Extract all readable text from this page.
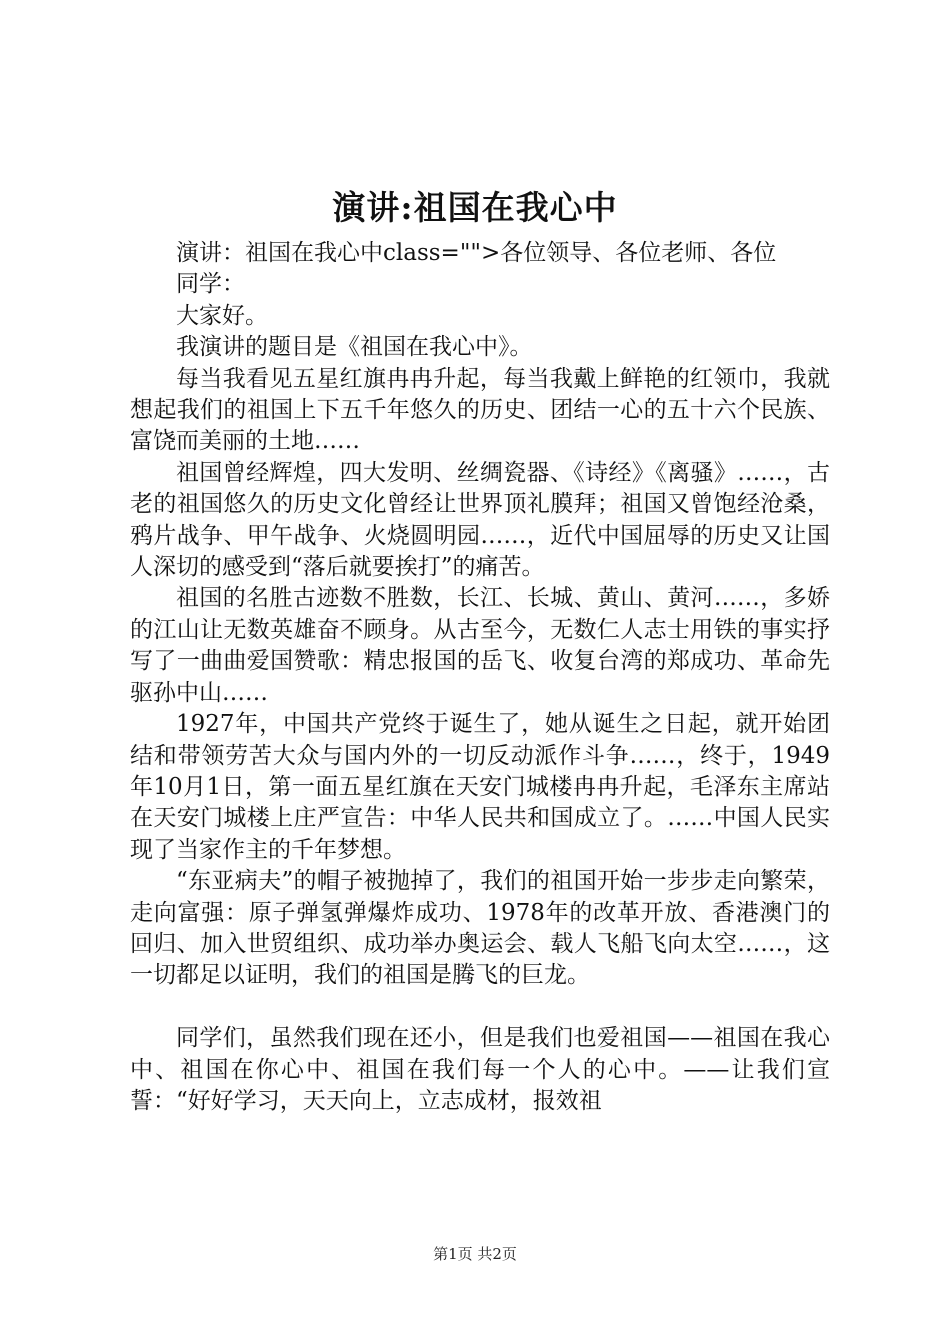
演讲:祖国在我心中

演讲：祖国在我心中class="">各位领导、各位老师、各位

同学：

大家好。

我演讲的题目是《祖国在我心中》。

每当我看见五星红旗冉冉升起，每当我戴上鲜艳的红领巾，我就想起我们的祖国上下五千年悠久的历史、团结一心的五十六个民族、富饶而美丽的土地……

祖国曾经辉煌，四大发明、丝绸瓷器、《诗经》《离骚》……，古老的祖国悠久的历史文化曾经让世界顶礼膜拜；祖国又曾饱经沧桑，鸦片战争、甲午战争、火烧圆明园……，近代中国屈辱的历史又让国人深切的感受到“落后就要挨打”的痛苦。

祖国的名胜古迹数不胜数，长江、长城、黄山、黄河……，多娇的江山让无数英雄奋不顾身。从古至今，无数仁人志士用铁的事实抒写了一曲曲爱国赞歌：精忠报国的岳飞、收复台湾的郑成功、革命先驱孙中山……

1927年，中国共产党终于诞生了，她从诞生之日起，就开始团结和带领劳苦大众与国内外的一切反动派作斗争……，终于，1949年10月1日，第一面五星红旗在天安门城楼冉冉升起，毛泽东主席站在天安门城楼上庄严宣告：中华人民共和国成立了。……中国人民实现了当家作主的千年梦想。

“东亚病夫”的帽子被抛掉了，我们的祖国开始一步步走向繁荣，走向富强：原子弹氢弹爆炸成功、1978年的改革开放、香港澳门的回归、加入世贸组织、成功举办奥运会、载人飞船飞向太空……，这一切都足以证明，我们的祖国是腾飞的巨龙。

同学们，虽然我们现在还小，但是我们也爱祖国——祖国在我心中、祖国在你心中、祖国在我们每一个人的心中。——让我们宣誓：“好好学习，天天向上，立志成材，报效祖

第1页 共2页
